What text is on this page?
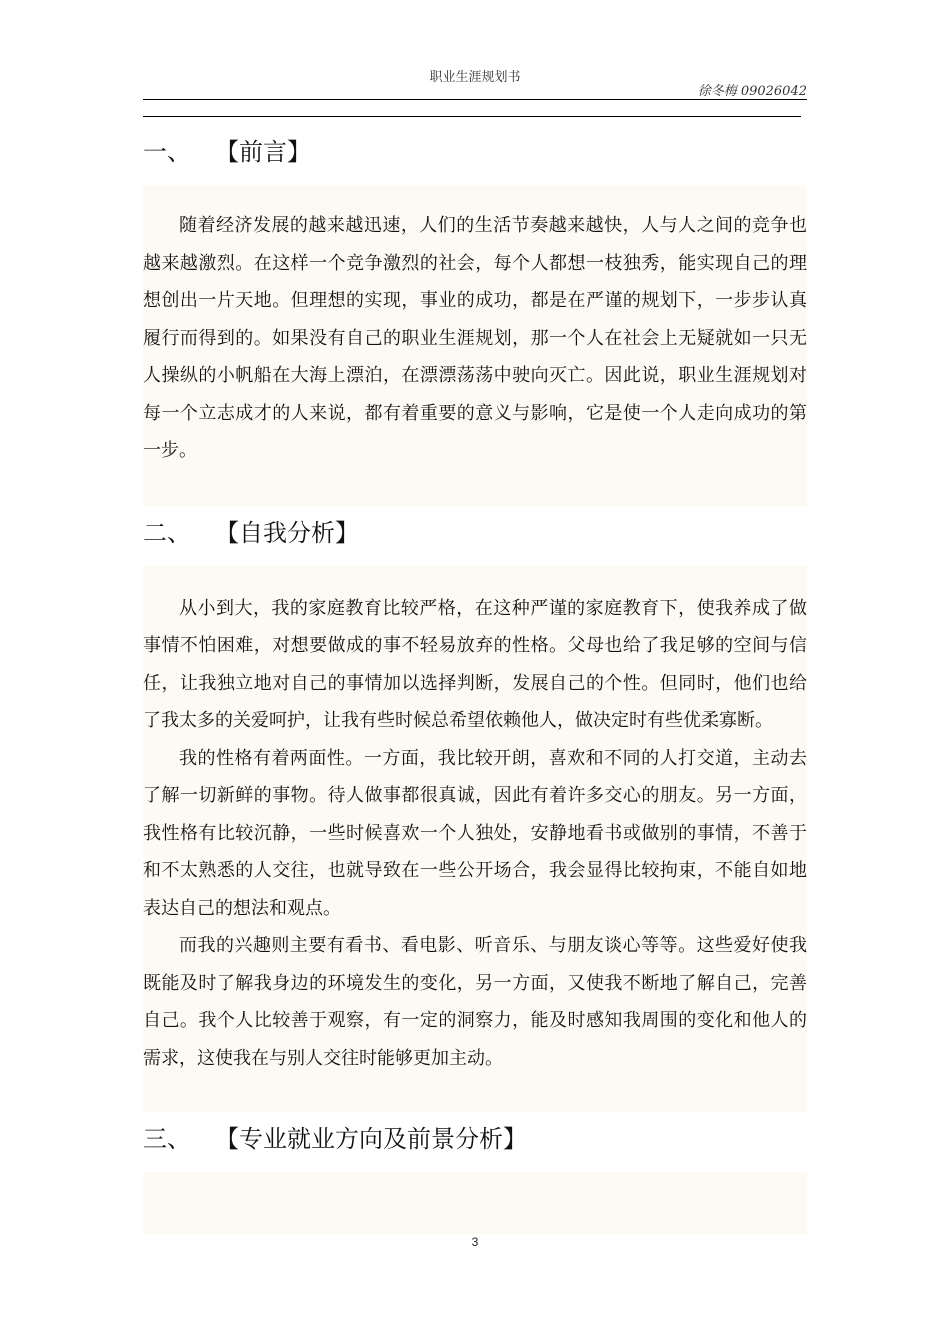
职业生涯规划书
徐冬梅 09026042
一、 【前言】

随着经济发展的越来越迅速，人们的生活节奏越来越快，人与人之间的竞争也越来越激烈。在这样一个竞争激烈的社会，每个人都想一枝独秀，能实现自己的理想创出一片天地。但理想的实现，事业的成功，都是在严谨的规划下，一步步认真履行而得到的。如果没有自己的职业生涯规划，那一个人在社会上无疑就如一只无人操纵的小帆船在大海上漂泊，在漂漂荡荡中驶向灭亡。因此说，职业生涯规划对每一个立志成才的人来说，都有着重要的意义与影响，它是使一个人走向成功的第一步。

二、 【自我分析】

从小到大，我的家庭教育比较严格，在这种严谨的家庭教育下，使我养成了做事情不怕困难，对想要做成的事不轻易放弃的性格。父母也给了我足够的空间与信任，让我独立地对自己的事情加以选择判断，发展自己的个性。但同时，他们也给了我太多的关爱呵护，让我有些时候总希望依赖他人，做决定时有些优柔寡断。

我的性格有着两面性。一方面，我比较开朗，喜欢和不同的人打交道，主动去了解一切新鲜的事物。待人做事都很真诚，因此有着许多交心的朋友。另一方面，我性格有比较沉静，一些时候喜欢一个人独处，安静地看书或做别的事情，不善于和不太熟悉的人交往，也就导致在一些公开场合，我会显得比较拘束，不能自如地表达自己的想法和观点。

而我的兴趣则主要有看书、看电影、听音乐、与朋友谈心等等。这些爱好使我既能及时了解我身边的环境发生的变化，另一方面，又使我不断地了解自己，完善自己。我个人比较善于观察，有一定的洞察力，能及时感知我周围的变化和他人的需求，这使我在与别人交往时能够更加主动。

三、 【专业就业方向及前景分析】
3
